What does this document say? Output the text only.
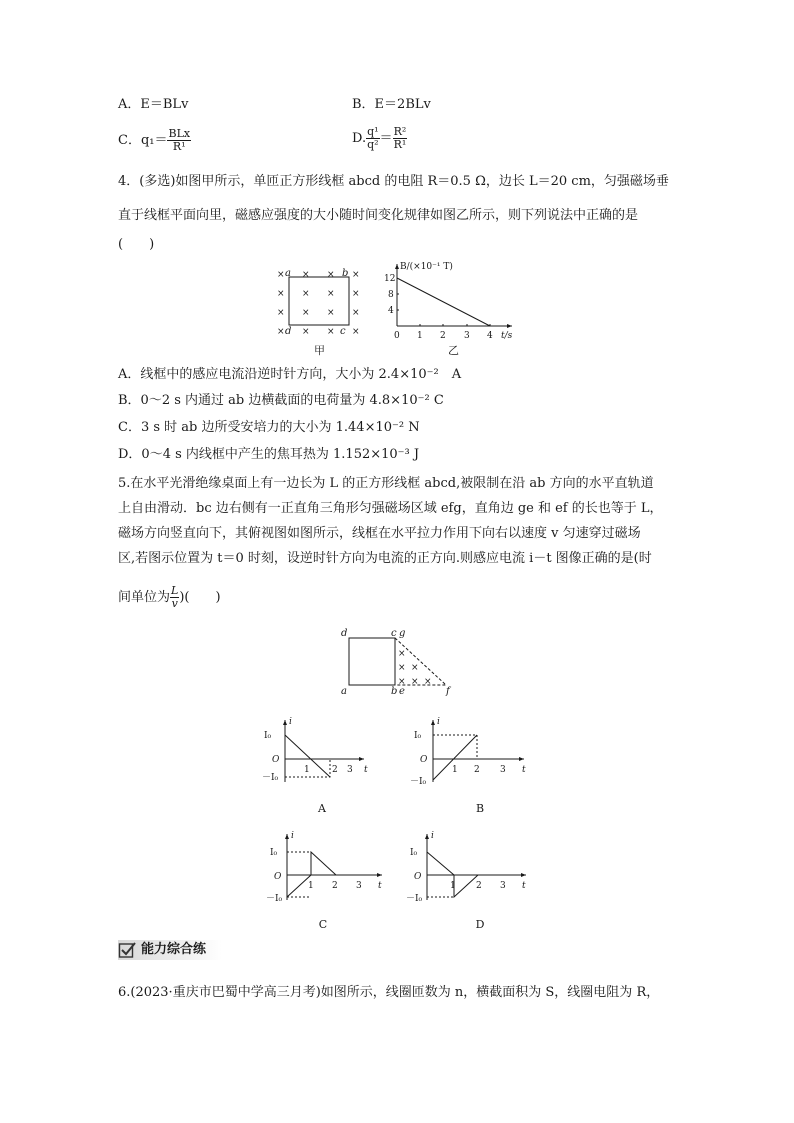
A．E＝BLv	B．E＝2BLv
C．$q_1= \frac{\text{BLx}}{\text{R¹}}$	D. $\frac{\text{q¹}}{\text{q²}} = \frac{\text{R²}}{\text{R¹}}$
4．(多选)如图甲所示，单匝正方形线框 abcd 的电阻 R＝0.5 Ω，边长 L＝20 cm，匀强磁场垂
直于线框平面向里，磁感应强度的大小随时间变化规律如图乙所示，则下列说法中正确的是
(　　)
× × × ×
× × × ×
× × × ×
× × × ×
a	b
c
d
甲
12
8
4
0 1 2 3 4
B/(×10⁻¹ T)
t/s
乙
A．线框中的感应电流沿逆时针方向，大小为 2.4×10⁻²　A
B．0～2 s 内通过 ab 边横截面的电荷量为 4.8×10⁻² C
C．3 s 时 ab 边所受安培力的大小为 1.44×10⁻² N
D．0～4 s 内线框中产生的焦耳热为 1.152×10⁻³ J
5.在水平光滑绝缘桌面上有一边长为 L 的正方形线框 abcd,被限制在沿 ab 方向的水平直轨道
上自由滑动．bc 边右侧有一正直角三角形匀强磁场区域 efg，直角边 ge 和 ef 的长也等于 L，
磁场方向竖直向下，其俯视图如图所示，线框在水平拉力作用下向右以速度 v 匀速穿过磁场
区,若图示位置为 t＝0 时刻，设逆时针方向为电流的正方向.则感应电流 i－t 图像正确的是(时
间单位为 $\frac{L}{v}$ )(　　)
×
× ×
× × ×
d	c g
a	b e	f
i
I₀
O
－I₀
1 2 3 t
A
i
I₀
O
－I₀
1 2 3 t
B
i
I₀
O
－I₀
1 2 3 t
C
i
I₀
O
－I₀
1 2 3 t
D
能力综合练
6.(2023·重庆市巴蜀中学高三月考)如图所示，线圈匝数为 n，横截面积为 S，线圈电阻为 R，
